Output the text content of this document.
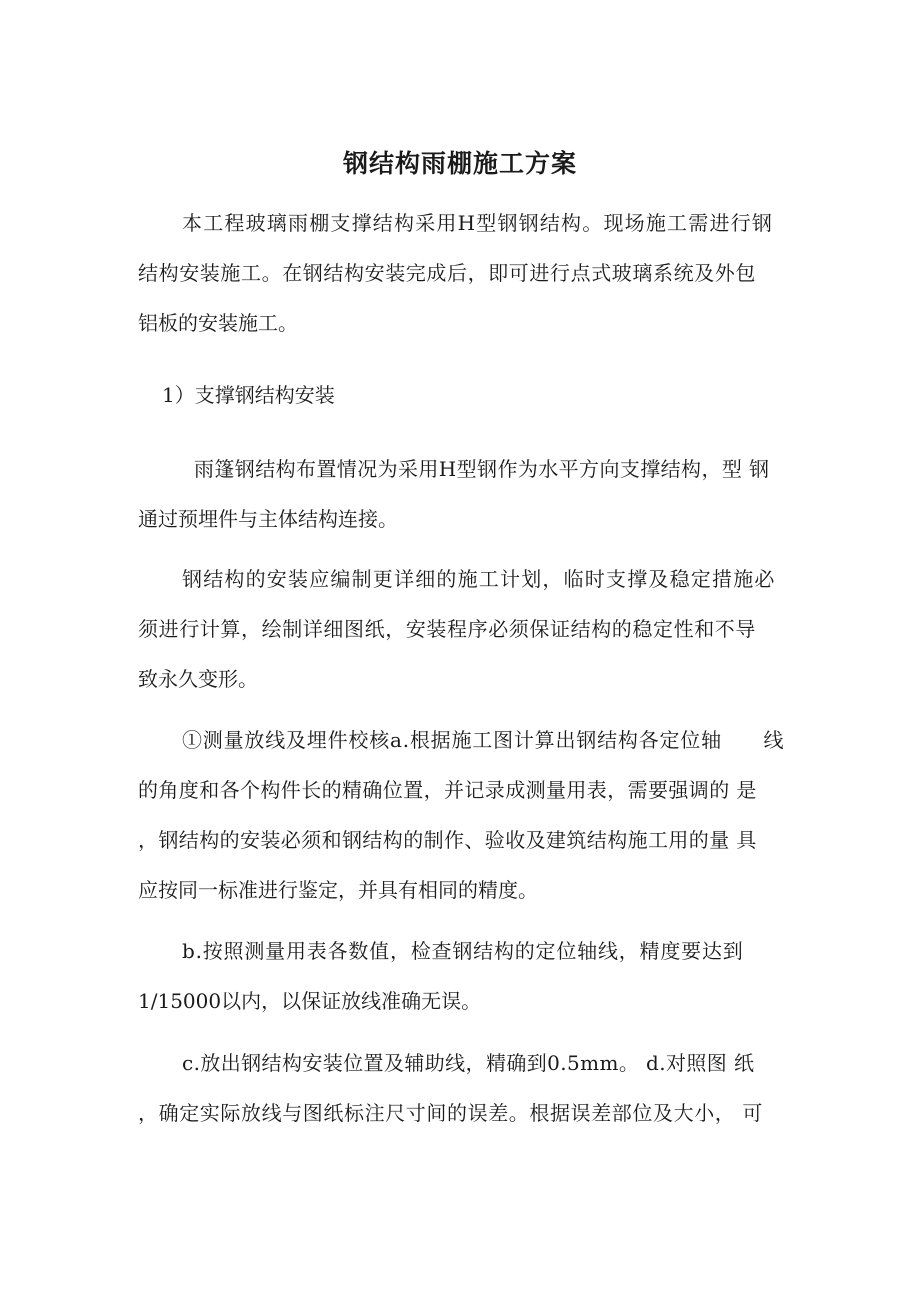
钢结构雨棚施工方案
本工程玻璃雨棚支撑结构采用H型钢钢结构。现场施工需进行钢
结构安装施工。在钢结构安装完成后，即可进行点式玻璃系统及外包
铝板的安装施工。
1）支撑钢结构安装
雨篷钢结构布置情况为采用H型钢作为水平方向支撑结构，型 钢
通过预埋件与主体结构连接。
钢结构的安装应编制更详细的施工计划，临时支撑及稳定措施必
须进行计算，绘制详细图纸，安装程序必须保证结构的稳定性和不导
致永久变形。
①测量放线及埋件校核a.根据施工图计算出钢结构各定位轴　　线
的角度和各个构件长的精确位置，并记录成测量用表，需要强调的 是
，钢结构的安装必须和钢结构的制作、验收及建筑结构施工用的量 具
应按同一标准进行鉴定，并具有相同的精度。
b.按照测量用表各数值，检查钢结构的定位轴线，精度要达到
1/15000以内，以保证放线准确无误。
c.放出钢结构安装位置及辅助线，精确到0.5mm。 d.对照图 纸
，确定实际放线与图纸标注尺寸间的误差。根据误差部位及大小， 可
